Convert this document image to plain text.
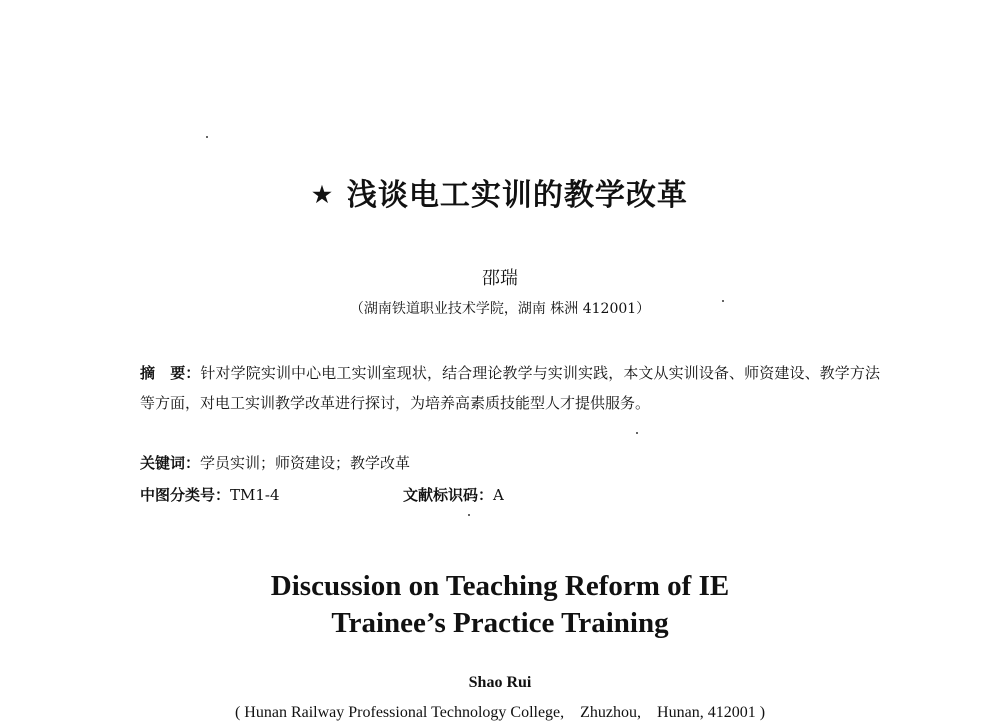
★ 浅谈电工实训的教学改革
邵瑞
（湖南铁道职业技术学院，湖南 株洲 412001）
摘　要：针对学院实训中心电工实训室现状，结合理论教学与实训实践，本文从实训设备、师资建设、教学方法等方面，对电工实训教学改革进行探讨，为培养高素质技能型人才提供服务。
关键词：学员实训；师资建设；教学改革
中图分类号：TM1-4	文献标识码：A
Discussion on Teaching Reform of IE
Trainee’s Practice Training
Shao Rui
( Hunan Railway Professional Technology College,　Zhuzhou,　Hunan, 412001 )
